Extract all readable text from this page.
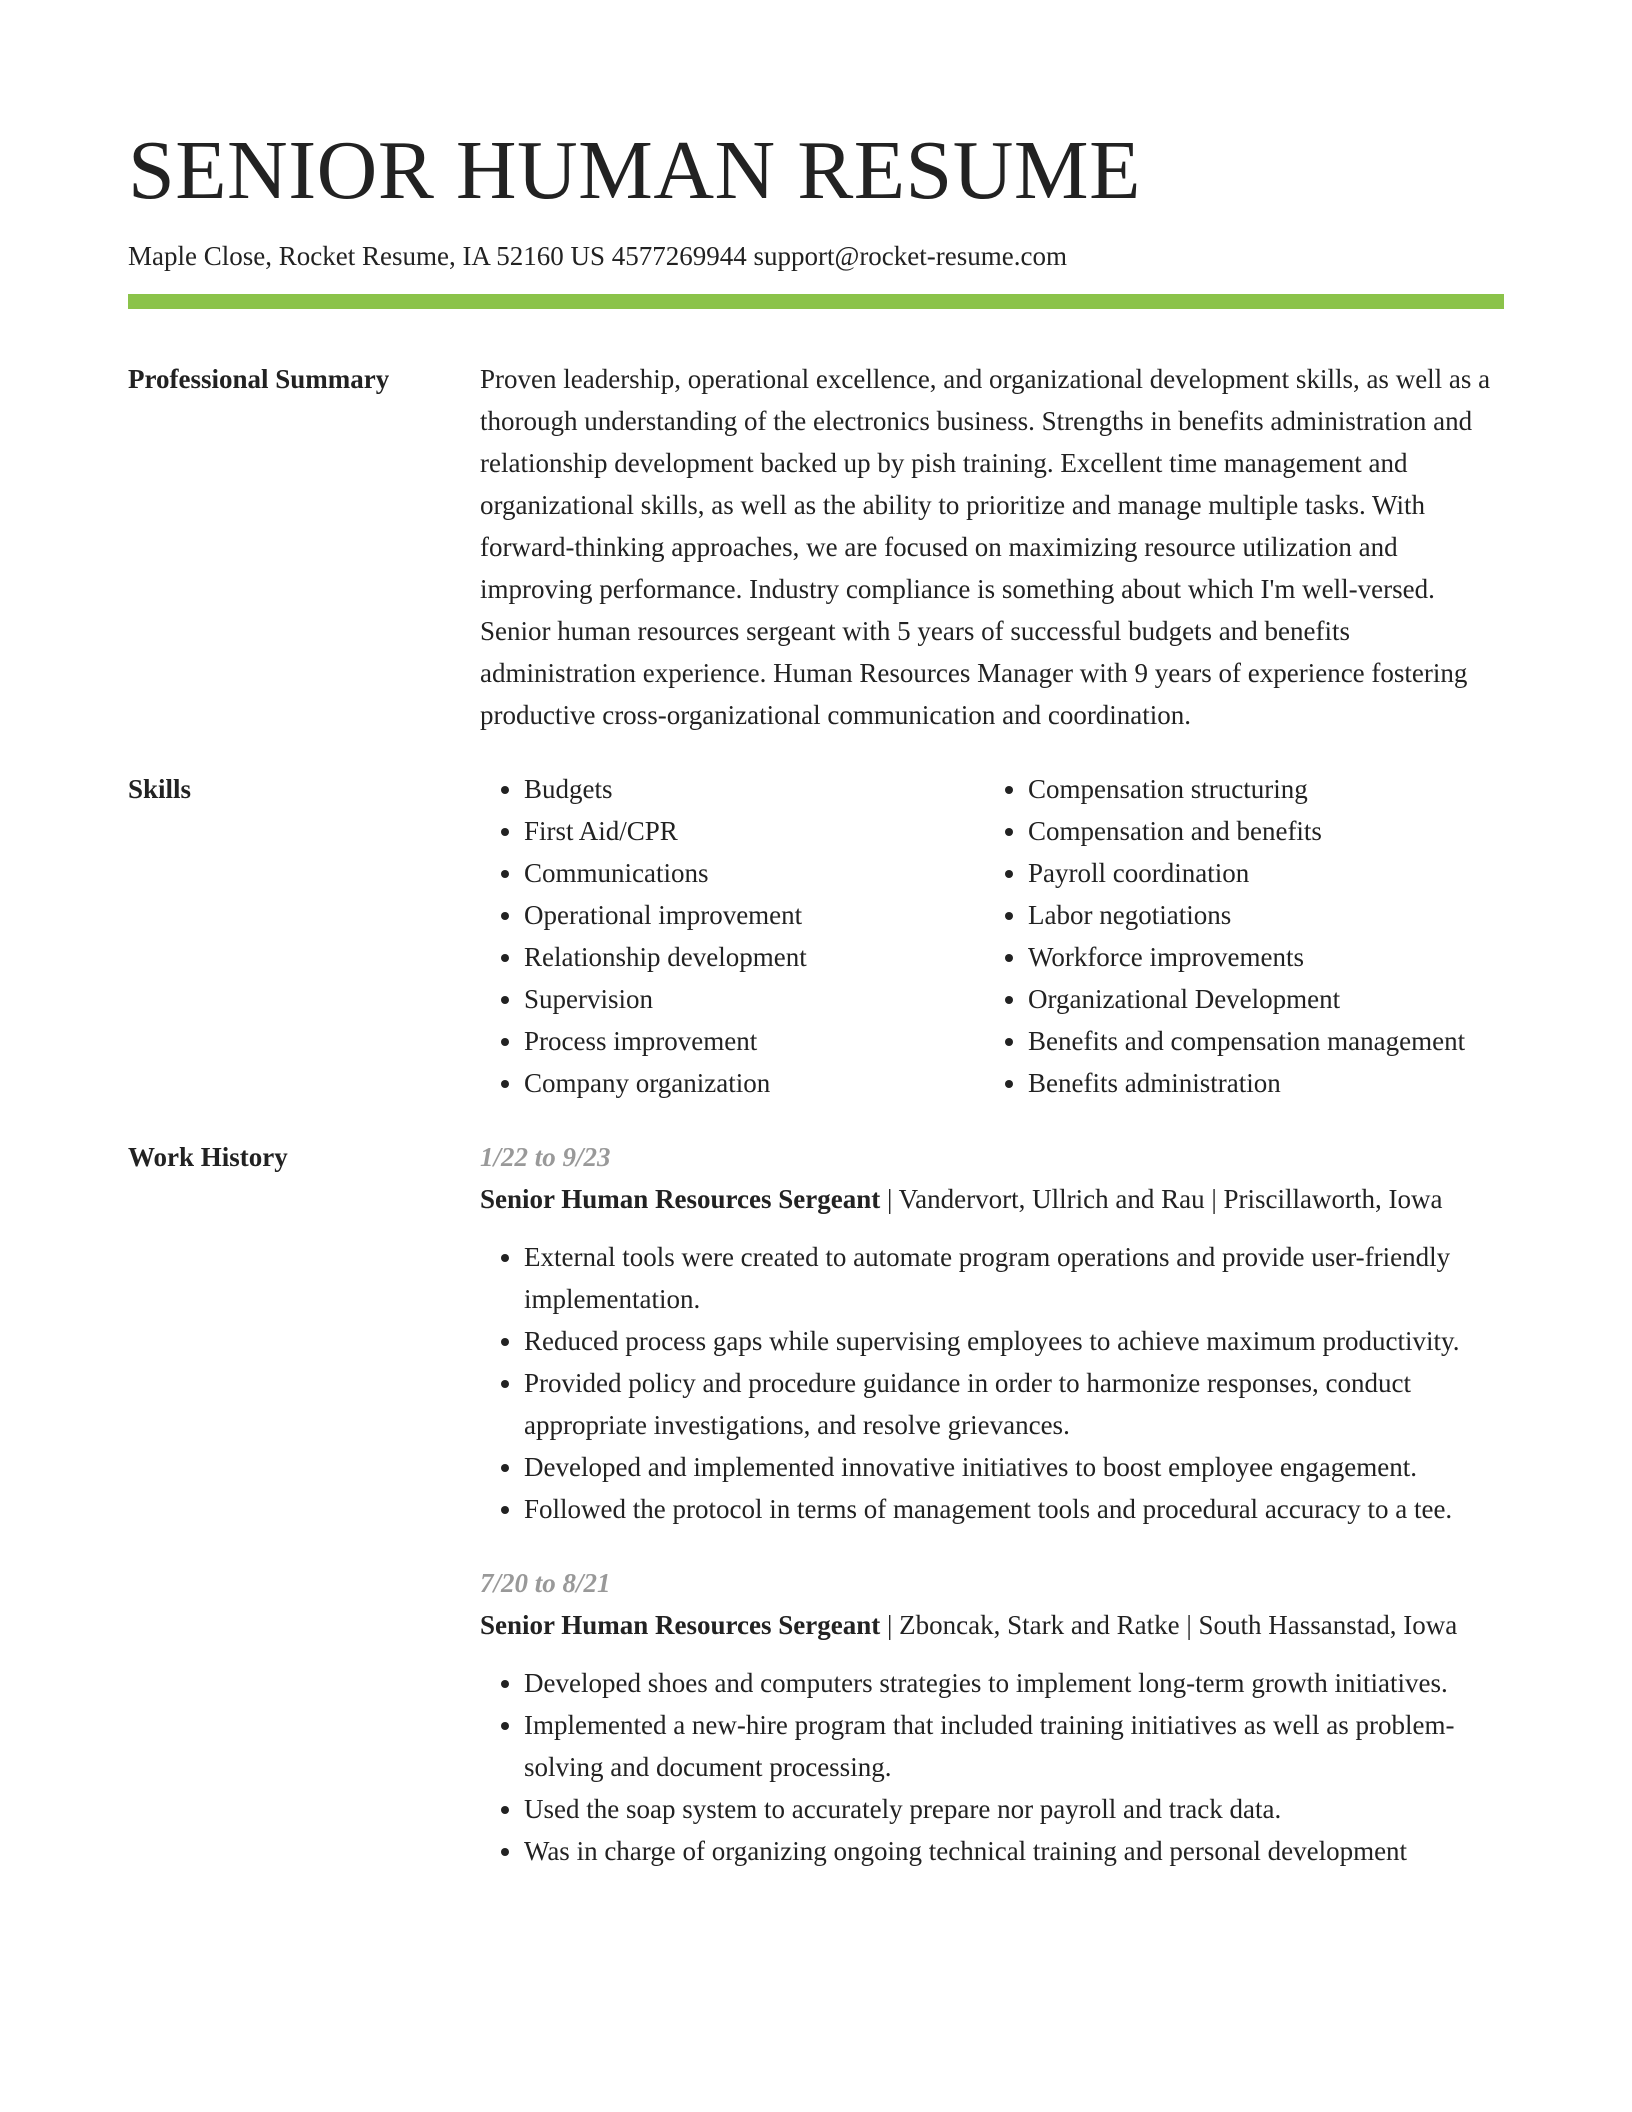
SENIOR HUMAN RESUME
Maple Close, Rocket Resume, IA 52160 US 4577269944 support@rocket-resume.com
Professional Summary	Proven leadership, operational excellence, and organizational development skills, as well as a thorough understanding of the electronics business. Strengths in benefits administration and relationship development backed up by pish training. Excellent time management and organizational skills, as well as the ability to prioritize and manage multiple tasks. With forward-thinking approaches, we are focused on maximizing resource utilization and improving performance. Industry compliance is something about which I'm well-versed. Senior human resources sergeant with 5 years of successful budgets and benefits administration experience. Human Resources Manager with 9 years of experience fostering productive cross-organizational communication and coordination.

Skills
•	Budgets
• First Aid/CPR
• Communications
• Operational improvement
• Relationship development
• Supervision
• Process improvement
• Company organization
• Compensation structuring
• Compensation and benefits
• Payroll coordination
• Labor negotiations
• Workforce improvements
• Organizational Development
• Benefits and compensation management
• Benefits administration
Work History	1/22 to 9/23
Senior Human Resources Sergeant | Vandervort, Ullrich and Rau | Priscillaworth, Iowa
• External tools were created to automate program operations and provide user-friendly implementation.
• Reduced process gaps while supervising employees to achieve maximum productivity.
• Provided policy and procedure guidance in order to harmonize responses, conduct appropriate investigations, and resolve grievances.
• Developed and implemented innovative initiatives to boost employee engagement.
• Followed the protocol in terms of management tools and procedural accuracy to a tee.
7/20 to 8/21
Senior Human Resources Sergeant | Zboncak, Stark and Ratke | South Hassanstad, Iowa
• Developed shoes and computers strategies to implement long-term growth initiatives.
• Implemented a new-hire program that included training initiatives as well as problem-solving and document processing.
• Used the soap system to accurately prepare nor payroll and track data.
• Was in charge of organizing ongoing technical training and personal development
